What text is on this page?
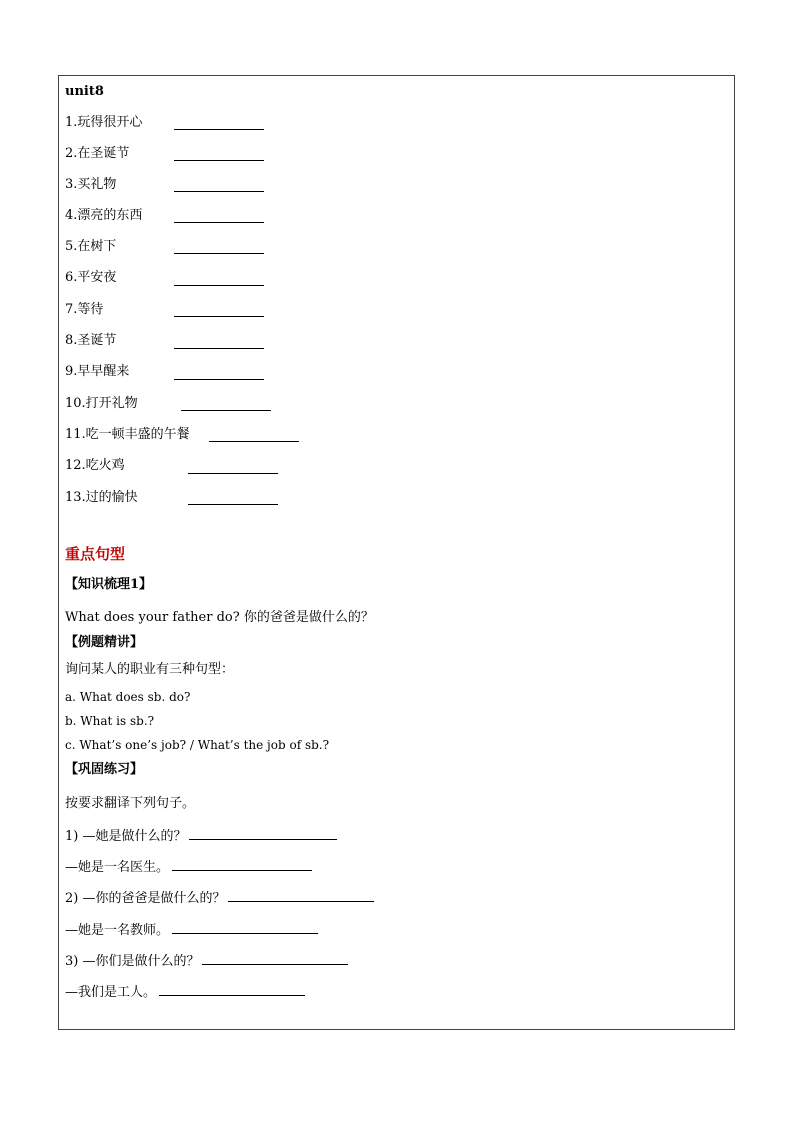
unit8
1.玩得很开心
2.在圣诞节
3.买礼物
4.漂亮的东西
5.在树下
6.平安夜
7.等待
8.圣诞节
9.早早醒来
10.打开礼物
11.吃一顿丰盛的午餐
12.吃火鸡
13.过的愉快
重点句型
【知识梳理1】
What does your father do? 你的爸爸是做什么的？
【例题精讲】
询问某人的职业有三种句型：
a. What does sb. do?
b. What is sb.?
c. What’s one’s job? / What’s the job of sb.?
【巩固练习】
按要求翻译下列句子。
1) —她是做什么的？
—她是一名医生。
2) —你的爸爸是做什么的？
—她是一名教师。
3) —你们是做什么的？
—我们是工人。
